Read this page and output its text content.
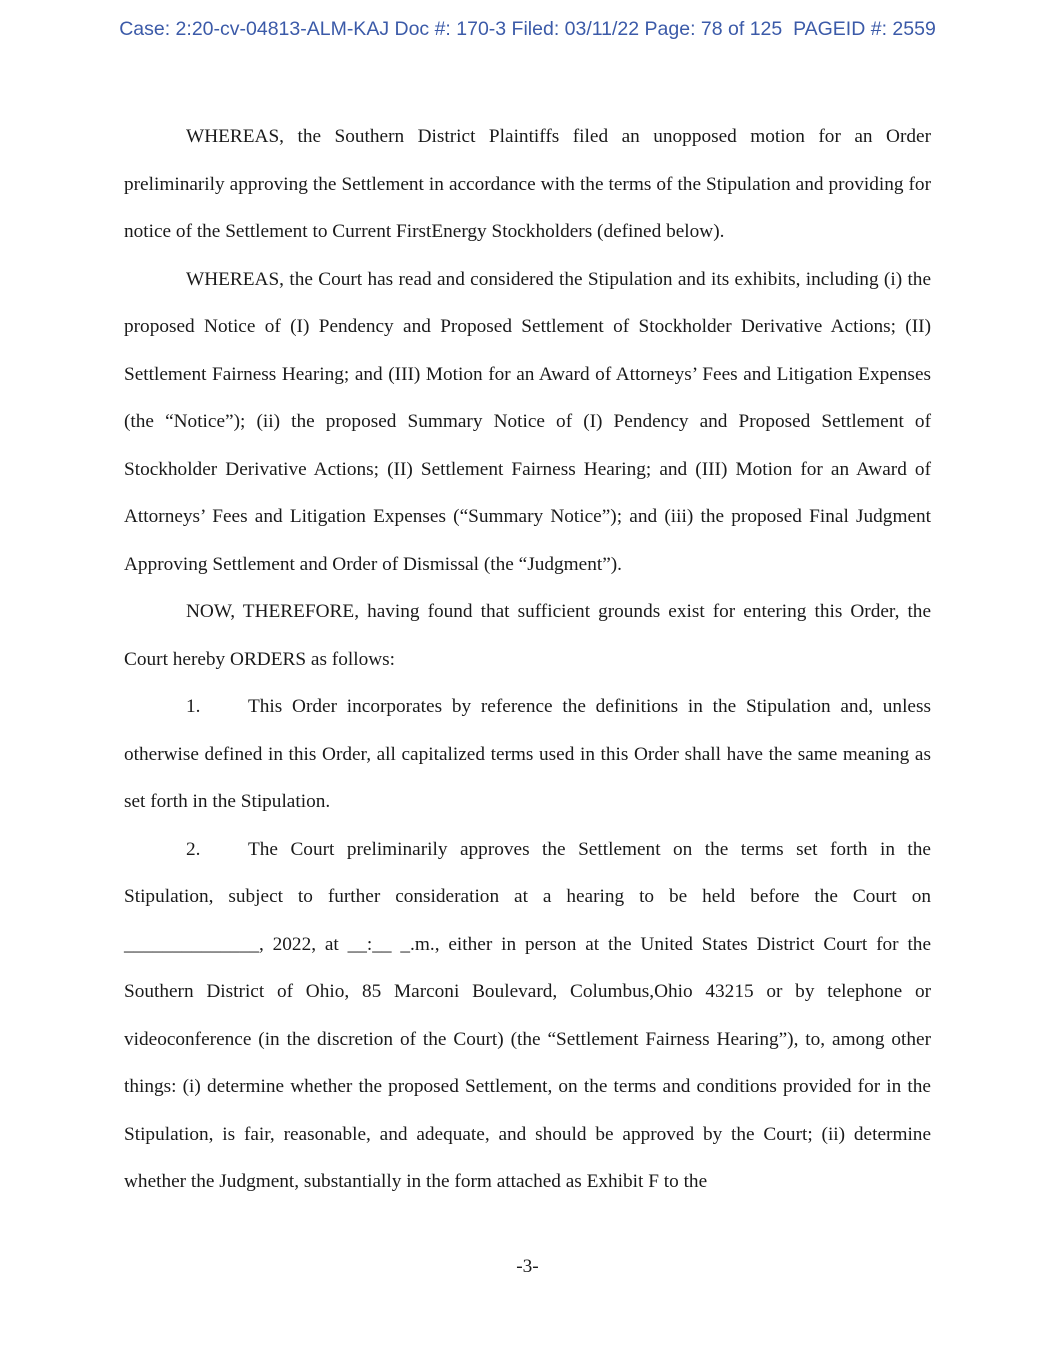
Case: 2:20-cv-04813-ALM-KAJ Doc #: 170-3 Filed: 03/11/22 Page: 78 of 125  PAGEID #: 2559

WHEREAS, the Southern District Plaintiffs filed an unopposed motion for an Order preliminarily approving the Settlement in accordance with the terms of the Stipulation and providing for notice of the Settlement to Current FirstEnergy Stockholders (defined below).

WHEREAS, the Court has read and considered the Stipulation and its exhibits, including (i) the proposed Notice of (I) Pendency and Proposed Settlement of Stockholder Derivative Actions; (II) Settlement Fairness Hearing; and (III) Motion for an Award of Attorneys’ Fees and Litigation Expenses (the “Notice”); (ii) the proposed Summary Notice of (I) Pendency and Proposed Settlement of Stockholder Derivative Actions; (II) Settlement Fairness Hearing; and (III) Motion for an Award of Attorneys’ Fees and Litigation Expenses (“Summary Notice”); and (iii) the proposed Final Judgment Approving Settlement and Order of Dismissal (the “Judgment”).

NOW, THEREFORE, having found that sufficient grounds exist for entering this Order, the Court hereby ORDERS as follows:

1. This Order incorporates by reference the definitions in the Stipulation and, unless otherwise defined in this Order, all capitalized terms used in this Order shall have the same meaning as set forth in the Stipulation.

2. The Court preliminarily approves the Settlement on the terms set forth in the Stipulation, subject to further consideration at a hearing to be held before the Court on ______________, 2022, at __:__ _.m., either in person at the United States District Court for the Southern District of Ohio, 85 Marconi Boulevard, Columbus,Ohio 43215 or by telephone or videoconference (in the discretion of the Court) (the “Settlement Fairness Hearing”), to, among other things: (i) determine whether the proposed Settlement, on the terms and conditions provided for in the Stipulation, is fair, reasonable, and adequate, and should be approved by the Court; (ii) determine whether the Judgment, substantially in the form attached as Exhibit F to the

-3-
